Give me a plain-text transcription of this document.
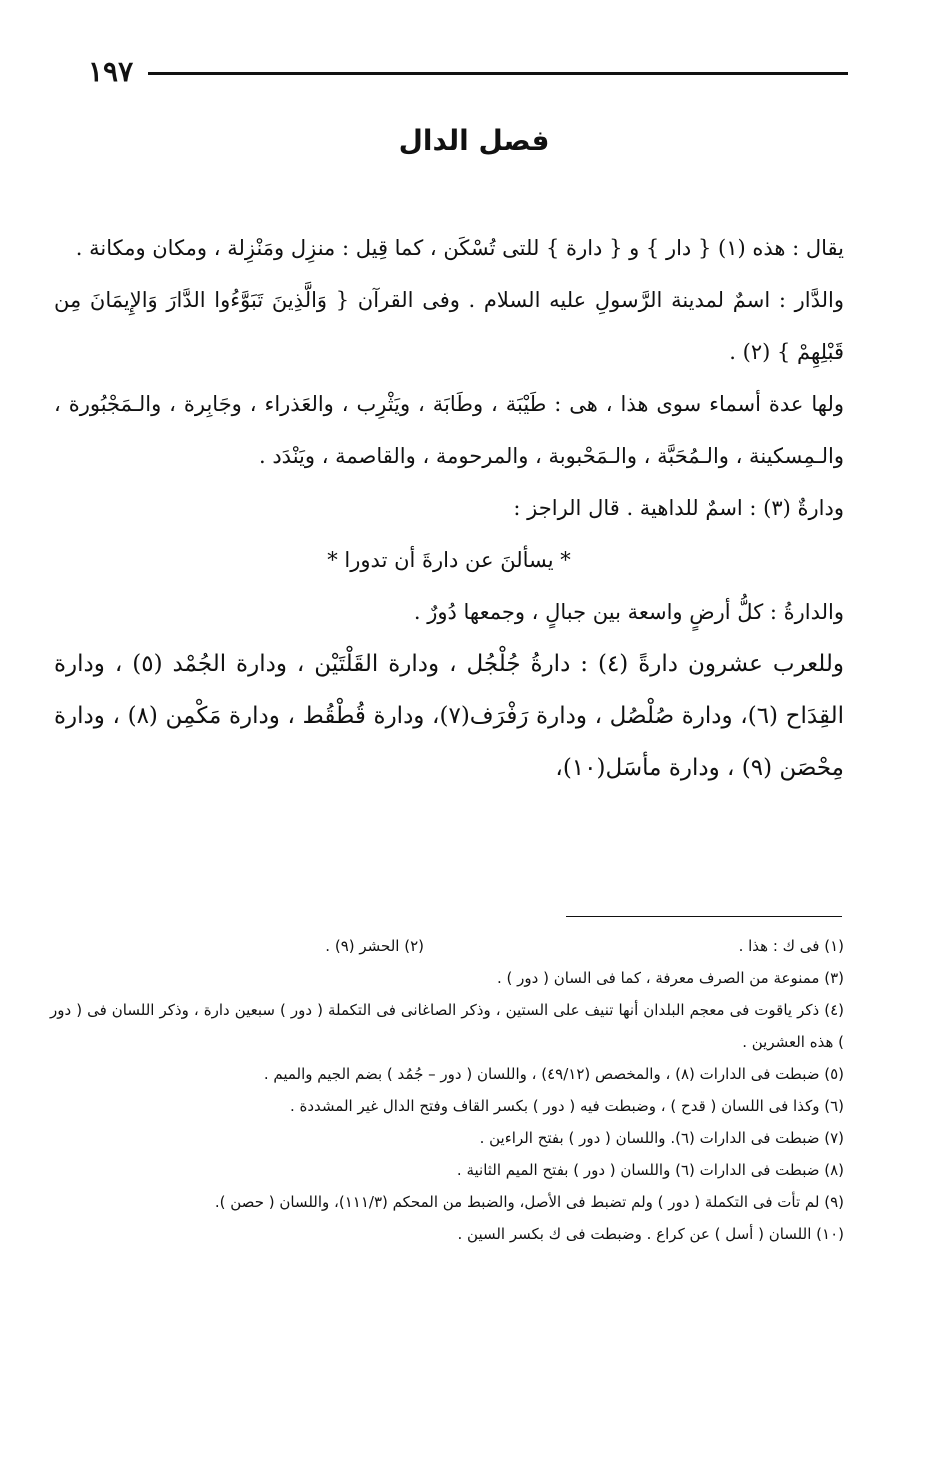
١٩٧
فصل الدال

يقال : هذه (١) { دار } و { دارة } للتى تُسْكَن ، كما قِيل : منزِل ومَنْزِلة ، ومكان ومكانة .

والدَّار : اسمٌ لمدينة الرَّسولِ عليه السلام . وفى القرآن { وَالَّذِينَ تَبَوَّءُوا الدَّارَ وَالإِيمَانَ مِن قَبْلِهِمْ } (٢) .

ولها عدة أسماء سوى هذا ، هى : طَيْبَة ، وطَابَة ، ويَثْرِب ، والعَذراء ، وجَابِرة ، والـمَجْبُورة ، والـمِسكينة ، والـمُحَبَّة ، والـمَحْبوبة ، والمرحومة ، والقاصمة ، ويَنْدَد .

ودارةٌ (٣) : اسمٌ للداهية . قال الراجز :

* يسألنَ عن دارةَ أن تدورا *

والدارةُ : كلُّ أرضٍ واسعة بين جبالٍ ، وجمعها دُورٌ .

وللعرب عشرون دارةً (٤) : دارةُ جُلْجُل ، ودارة القَلْتَيْن ، ودارة الجُمْد (٥) ، ودارة القِدَاح (٦)، ودارة صُلْصُل ، ودارة رَفْرَف(٧)، ودارة قُطْقُط ، ودارة مَكْمِن (٨) ، ودارة مِحْصَن (٩) ، ودارة مأسَل(١٠)،

(١) فى ك : هذا .

(٢) الحشر (٩) .

(٣) ممنوعة من الصرف معرفة ، كما فى السان ( دور ) .

(٤) ذكر ياقوت فى معجم البلدان أنها تنيف على الستين ، وذكر الصاغانى فى التكملة ( دور ) سبعين دارة ، وذكر اللسان فى ( دور ) هذه العشرين .

(٥) ضبطت فى الدارات (٨) ، والمخصص (٤٩/١٢) ، واللسان ( دور – جُمُد ) بضم الجيم والميم .

(٦) وكذا فى اللسان ( قدح ) ، وضبطت فيه ( دور ) بكسر القاف وفتح الدال غير المشددة .

(٧) ضبطت فى الدارات (٦). واللسان ( دور ) بفتح الراءين .

(٨) ضبطت فى الدارات (٦) واللسان ( دور ) بفتح الميم الثانية .

(٩) لم تأت فى التكملة ( دور ) ولم تضبط فى الأصل، والضبط من المحكم (١١١/٣)، واللسان ( حصن ).

(١٠) اللسان ( أسل ) عن كراع . وضبطت فى ك بكسر السين .
